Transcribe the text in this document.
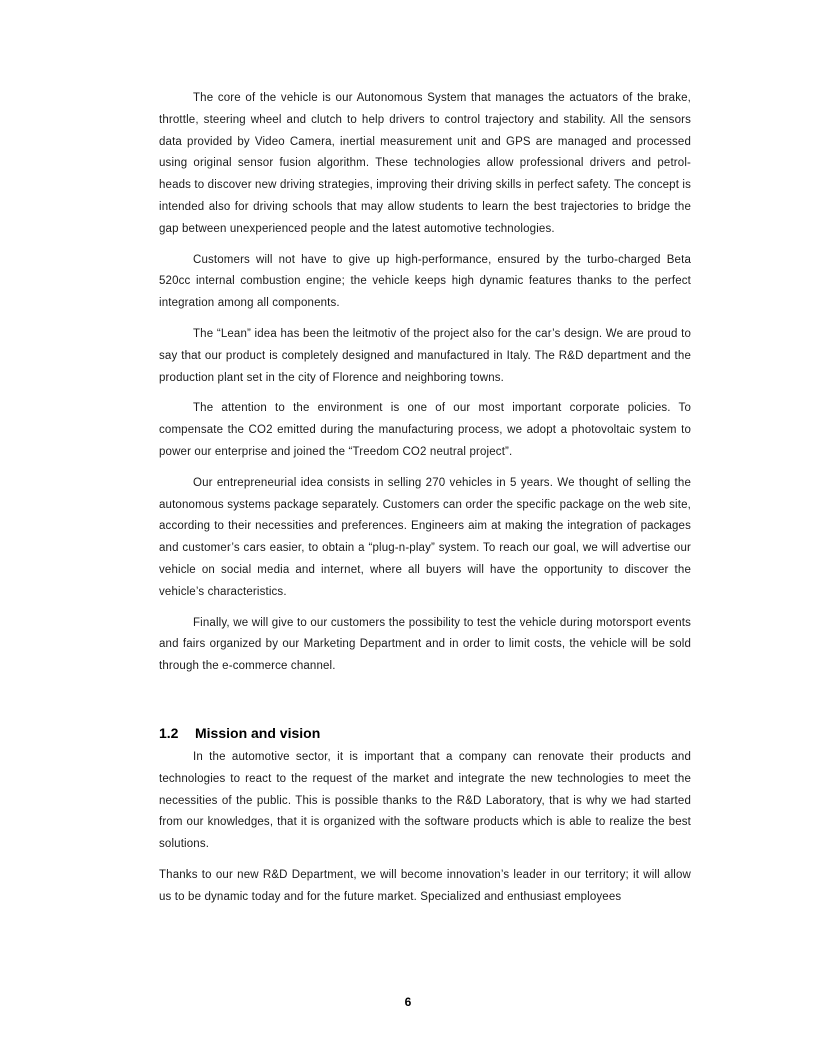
The core of the vehicle is our Autonomous System that manages the actuators of the brake, throttle, steering wheel and clutch to help drivers to control trajectory and stability. All the sensors data provided by Video Camera, inertial measurement unit and GPS are managed and processed using original sensor fusion algorithm. These technologies allow professional drivers and petrol-heads to discover new driving strategies, improving their driving skills in perfect safety. The concept is intended also for driving schools that may allow students to learn the best trajectories to bridge the gap between unexperienced people and the latest automotive technologies.

Customers will not have to give up high-performance, ensured by the turbo-charged Beta 520cc internal combustion engine; the vehicle keeps high dynamic features thanks to the perfect integration among all components.

The “Lean” idea has been the leitmotiv of the project also for the car’s design. We are proud to say that our product is completely designed and manufactured in Italy. The R&D department and the production plant set in the city of Florence and neighboring towns.

The attention to the environment is one of our most important corporate policies. To compensate the CO2 emitted during the manufacturing process, we adopt a photovoltaic system to power our enterprise and joined the “Treedom CO2 neutral project”.

Our entrepreneurial idea consists in selling 270 vehicles in 5 years. We thought of selling the autonomous systems package separately. Customers can order the specific package on the web site, according to their necessities and preferences. Engineers aim at making the integration of packages and customer’s cars easier, to obtain a “plug-n-play” system. To reach our goal, we will advertise our vehicle on social media and internet, where all buyers will have the opportunity to discover the vehicle’s characteristics.

Finally, we will give to our customers the possibility to test the vehicle during motorsport events and fairs organized by our Marketing Department and in order to limit costs, the vehicle will be sold through the e-commerce channel.

1.2	Mission and vision

In the automotive sector, it is important that a company can renovate their products and technologies to react to the request of the market and integrate the new technologies to meet the necessities of the public. This is possible thanks to the R&D Laboratory, that is why we had started from our knowledges, that it is organized with the software products which is able to realize the best solutions.

Thanks to our new R&D Department, we will become innovation’s leader in our territory; it will allow us to be dynamic today and for the future market. Specialized and enthusiast employees

6
